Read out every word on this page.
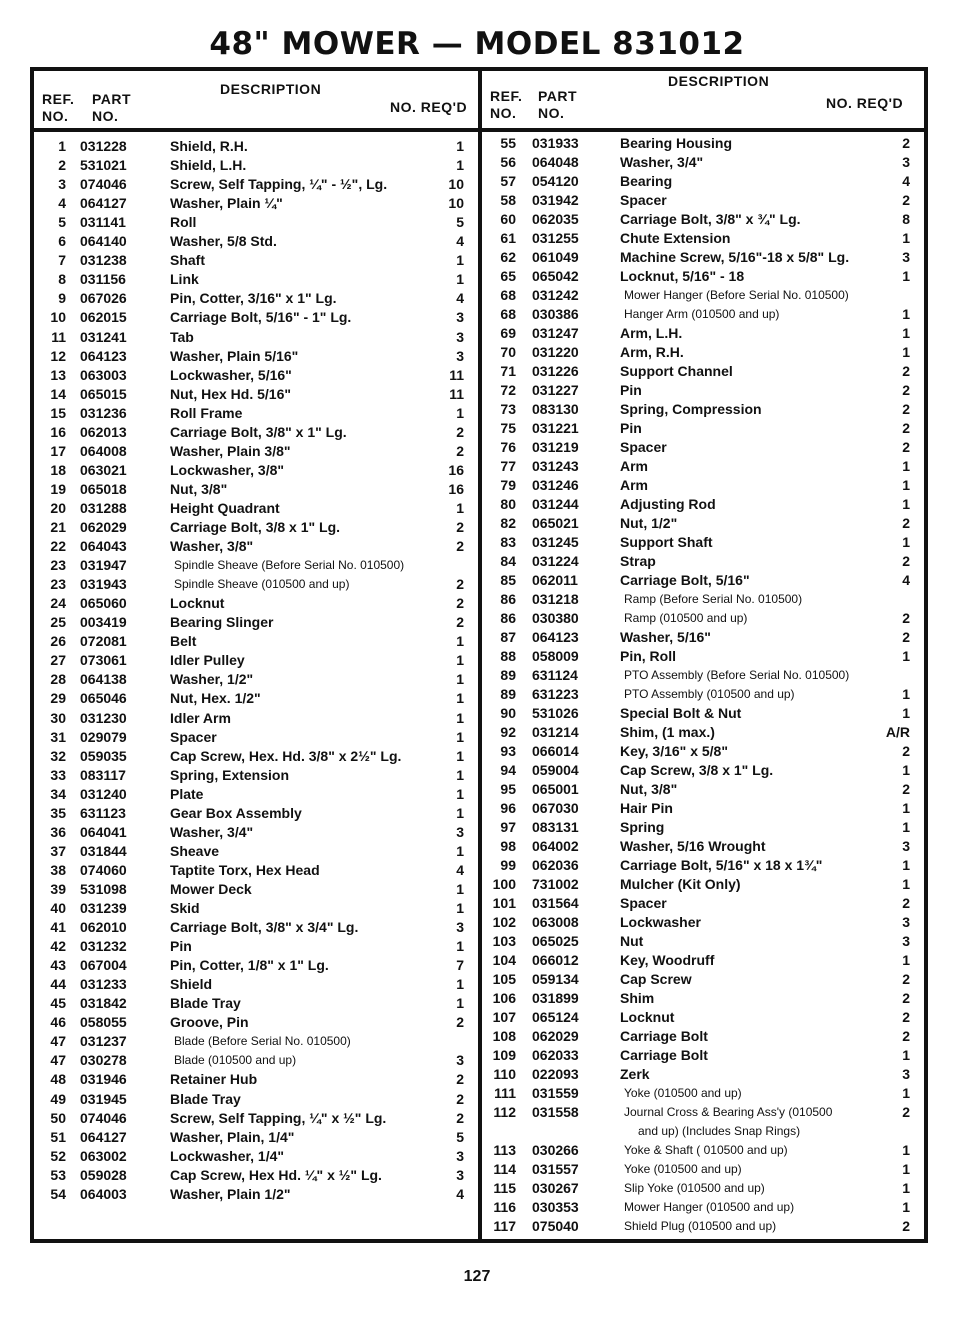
48" MOWER — MODEL 831012
REF.
NO.
PART
NO.
DESCRIPTION
NO. REQ'D
REF.
NO.
PART
NO.
DESCRIPTION
NO. REQ'D
1 031228	Shield, R.H.	1
2 531021	Shield, L.H.	1
3 074046	Screw, Self Tapping, ¼" - ½", Lg.	10
4 064127	Washer, Plain ¼"	10
5 031141	Roll	5
6 064140	Washer, 5/8 Std.	4
7 031238	Shaft	1
8 031156	Link	1
9 067026	Pin, Cotter, 3/16" x 1" Lg.	4
10 062015	Carriage Bolt, 5/16" - 1" Lg.	3
11 031241	Tab	3
12 064123	Washer, Plain 5/16"	3
13 063003	Lockwasher, 5/16"	11
14 065015	Nut, Hex Hd. 5/16"	11
15 031236	Roll Frame	1
16 062013	Carriage Bolt, 3/8" x 1" Lg.	2
17 064008	Washer, Plain 3/8"	2
18 063021	Lockwasher, 3/8"	16
19 065018	Nut, 3/8"	16
20 031288	Height Quadrant	1
21 062029	Carriage Bolt, 3/8 x 1" Lg.	2
22 064043	Washer, 3/8"	2
23 031947	Spindle Sheave (Before Serial No. 010500)
23 031943	Spindle Sheave (010500 and up)	2
24 065060	Locknut	2
25 003419	Bearing Slinger	2
26 072081	Belt	1
27 073061	Idler Pulley	1
28 064138	Washer, 1/2"	1
29 065046	Nut, Hex. 1/2"	1
30 031230	Idler Arm	1
31 029079	Spacer	1
32 059035	Cap Screw, Hex. Hd. 3/8" x 2½" Lg.	1
33 083117	Spring, Extension	1
34 031240	Plate	1
35 631123	Gear Box Assembly	1
36 064041	Washer, 3/4"	3
37 031844	Sheave	1
38 074060	Taptite Torx, Hex Head	4
39 531098	Mower Deck	1
40 031239	Skid	1
41 062010	Carriage Bolt, 3/8" x 3/4" Lg.	3
42 031232	Pin	1
43 067004	Pin, Cotter, 1/8" x 1" Lg.	7
44 031233	Shield	1
45 031842	Blade Tray	1
46 058055	Groove, Pin	2
47 031237	Blade (Before Serial No. 010500)
47 030278	Blade (010500 and up)	3
48 031946	Retainer Hub	2
49 031945	Blade Tray	2
50 074046	Screw, Self Tapping, ¼" x ½" Lg.	2
51 064127	Washer, Plain, 1/4"	5
52 063002	Lockwasher, 1/4"	3
53 059028	Cap Screw, Hex Hd. ¼" x ½" Lg.	3
54 064003	Washer, Plain 1/2"	4
55 031933	Bearing Housing	2
56 064048	Washer, 3/4"	3
57 054120	Bearing	4
58 031942	Spacer	2
60 062035	Carriage Bolt, 3/8" x ¾" Lg.	8
61 031255	Chute Extension	1
62 061049	Machine Screw, 5/16"-18 x 5/8" Lg.	3
65 065042	Locknut, 5/16" - 18	1
68 031242	Mower Hanger (Before Serial No. 010500)
68 030386	Hanger Arm (010500 and up)	1
69 031247	Arm, L.H.	1
70 031220	Arm, R.H.	1
71 031226	Support Channel	2
72 031227	Pin	2
73 083130	Spring, Compression	2
75 031221	Pin	2
76 031219	Spacer	2
77 031243	Arm	1
79 031246	Arm	1
80 031244	Adjusting Rod	1
82 065021	Nut, 1/2"	2
83 031245	Support Shaft	1
84 031224	Strap	2
85 062011	Carriage Bolt, 5/16"	4
86 031218	Ramp (Before Serial No. 010500)
86 030380	Ramp (010500 and up)	2
87 064123	Washer, 5/16"	2
88 058009	Pin, Roll	1
89 631124	PTO Assembly (Before Serial No. 010500)
89 631223	PTO Assembly (010500 and up)	1
90 531026	Special Bolt & Nut	1
92 031214	Shim, (1 max.)	A/R
93 066014	Key, 3/16" x 5/8"	2
94 059004	Cap Screw, 3/8 x 1" Lg.	1
95 065001	Nut, 3/8"	2
96 067030	Hair Pin	1
97 083131	Spring	1
98 064002	Washer, 5/16 Wrought	3
99 062036	Carriage Bolt, 5/16" x 18 x 1¾"	1
100 731002	Mulcher (Kit Only)	1
101 031564	Spacer	2
102 063008	Lockwasher	3
103 065025	Nut	3
104 066012	Key, Woodruff	1
105 059134	Cap Screw	2
106 031899	Shim	2
107 065124	Locknut	2
108 062029	Carriage Bolt	2
109 062033	Carriage Bolt	1
110 022093	Zerk	3
111 031559	Yoke (010500 and up)	1
112 031558	Journal Cross & Bearing Ass'y (010500	2
and up) (Includes Snap Rings)
113 030266	Yoke & Shaft ( 010500 and up)	1
114 031557	Yoke (010500 and up)	1
115 030267	Slip Yoke (010500 and up)	1
116 030353	Mower Hanger (010500 and up)	1
117 075040	Shield Plug (010500 and up)	2
127
